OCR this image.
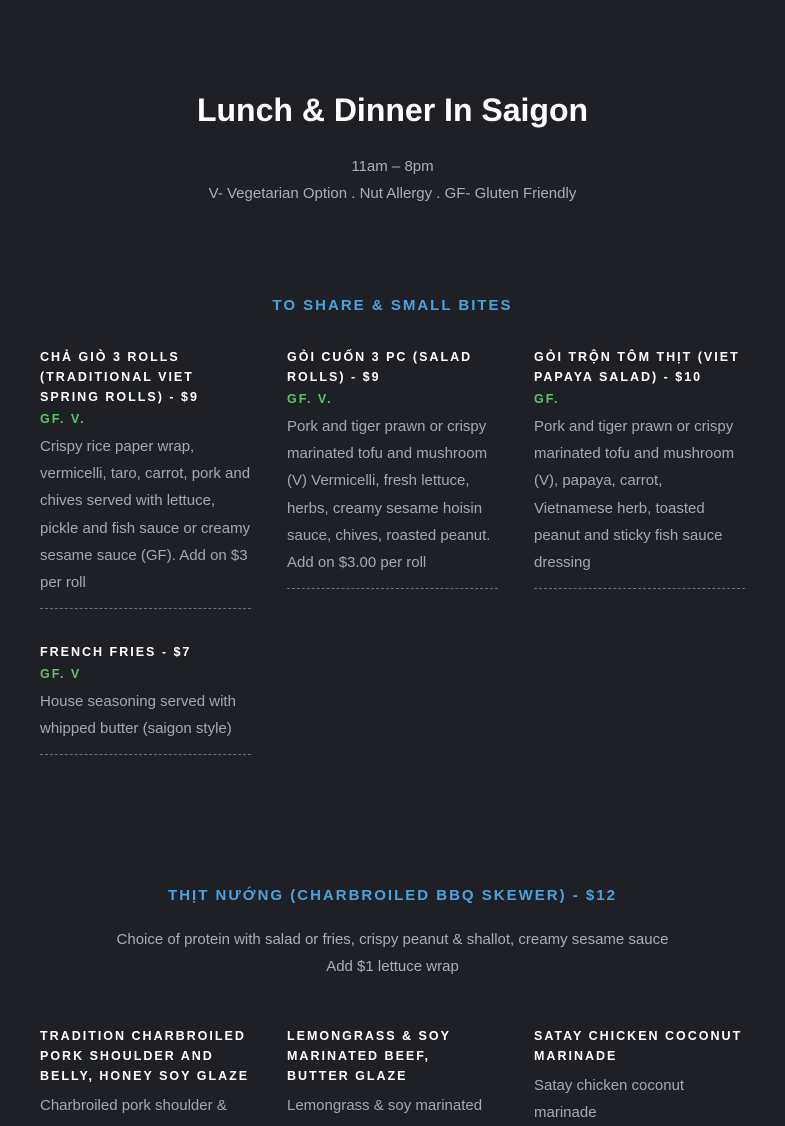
Lunch & Dinner In Saigon
11am – 8pm
V- Vegetarian Option . Nut Allergy . GF- Gluten Friendly
TO SHARE & SMALL BITES
CHẢ GIÒ 3 ROLLS (TRADITIONAL VIET SPRING ROLLS) - $9
GF. V.
Crispy rice paper wrap, vermicelli, taro, carrot, pork and chives served with lettuce, pickle and fish sauce or creamy sesame sauce (GF). Add on $3 per roll
GỎI CUỐN 3 PC (SALAD ROLLS) - $9
GF. V.
Pork and tiger prawn or crispy marinated tofu and mushroom (V) Vermicelli, fresh lettuce, herbs, creamy sesame hoisin sauce, chives, roasted peanut. Add on $3.00 per roll
GỎI TRỘN TÔM THỊT (VIET PAPAYA SALAD) - $10
GF.
Pork and tiger prawn or crispy marinated tofu and mushroom (V), papaya, carrot, Vietnamese herb, toasted peanut and sticky fish sauce dressing
FRENCH FRIES - $7
GF. V
House seasoning served with whipped butter (saigon style)
THỊT NƯỚNG (CHARBROILED BBQ SKEWER) - $12
Choice of protein with salad or fries, crispy peanut & shallot, creamy sesame sauce
Add $1 lettuce wrap
TRADITION CHARBROILED PORK SHOULDER AND BELLY, HONEY SOY GLAZE
Charbroiled pork shoulder &
LEMONGRASS & SOY MARINATED BEEF, BUTTER GLAZE
Lemongrass & soy marinated
SATAY CHICKEN COCONUT MARINADE
Satay chicken coconut marinade
